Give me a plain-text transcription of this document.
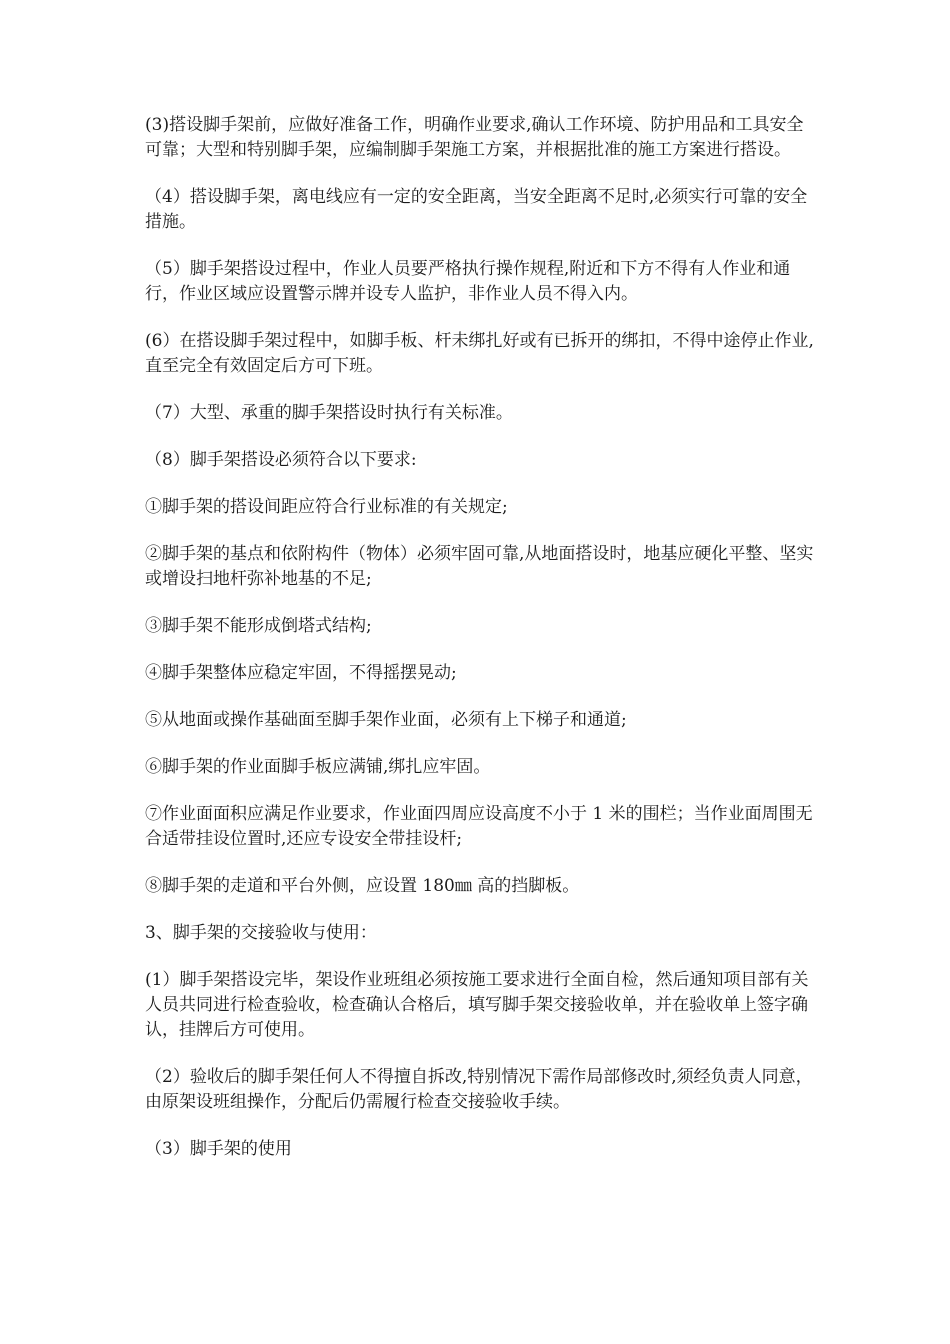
(3)搭设脚手架前，应做好准备工作，明确作业要求,确认工作环境、防护用品和工具安全可靠；大型和特别脚手架，应编制脚手架施工方案，并根据批准的施工方案进行搭设。

（4）搭设脚手架，离电线应有一定的安全距离，当安全距离不足时,必须实行可靠的安全措施。

（5）脚手架搭设过程中，作业人员要严格执行操作规程,附近和下方不得有人作业和通行，作业区域应设置警示牌并设专人监护，非作业人员不得入内。

(6）在搭设脚手架过程中，如脚手板、杆未绑扎好或有已拆开的绑扣，不得中途停止作业,直至完全有效固定后方可下班。

（7）大型、承重的脚手架搭设时执行有关标准。

（8）脚手架搭设必须符合以下要求:

①脚手架的搭设间距应符合行业标准的有关规定;

②脚手架的基点和依附构件（物体）必须牢固可靠,从地面搭设时，地基应硬化平整、坚实或增设扫地杆弥补地基的不足;

③脚手架不能形成倒塔式结构;

④脚手架整体应稳定牢固，不得摇摆晃动;

⑤从地面或操作基础面至脚手架作业面，必须有上下梯子和通道;

⑥脚手架的作业面脚手板应满铺,绑扎应牢固。

⑦作业面面积应满足作业要求，作业面四周应设高度不小于 1 米的围栏；当作业面周围无合适带挂设位置时,还应专设安全带挂设杆;

⑧脚手架的走道和平台外侧，应设置 180㎜ 高的挡脚板。

3、脚手架的交接验收与使用：

(1）脚手架搭设完毕，架设作业班组必须按施工要求进行全面自检，然后通知项目部有关人员共同进行检查验收，检查确认合格后，填写脚手架交接验收单，并在验收单上签字确认，挂牌后方可使用。

（2）验收后的脚手架任何人不得擅自拆改,特别情况下需作局部修改时,须经负责人同意，由原架设班组操作，分配后仍需履行检查交接验收手续。

（3）脚手架的使用
